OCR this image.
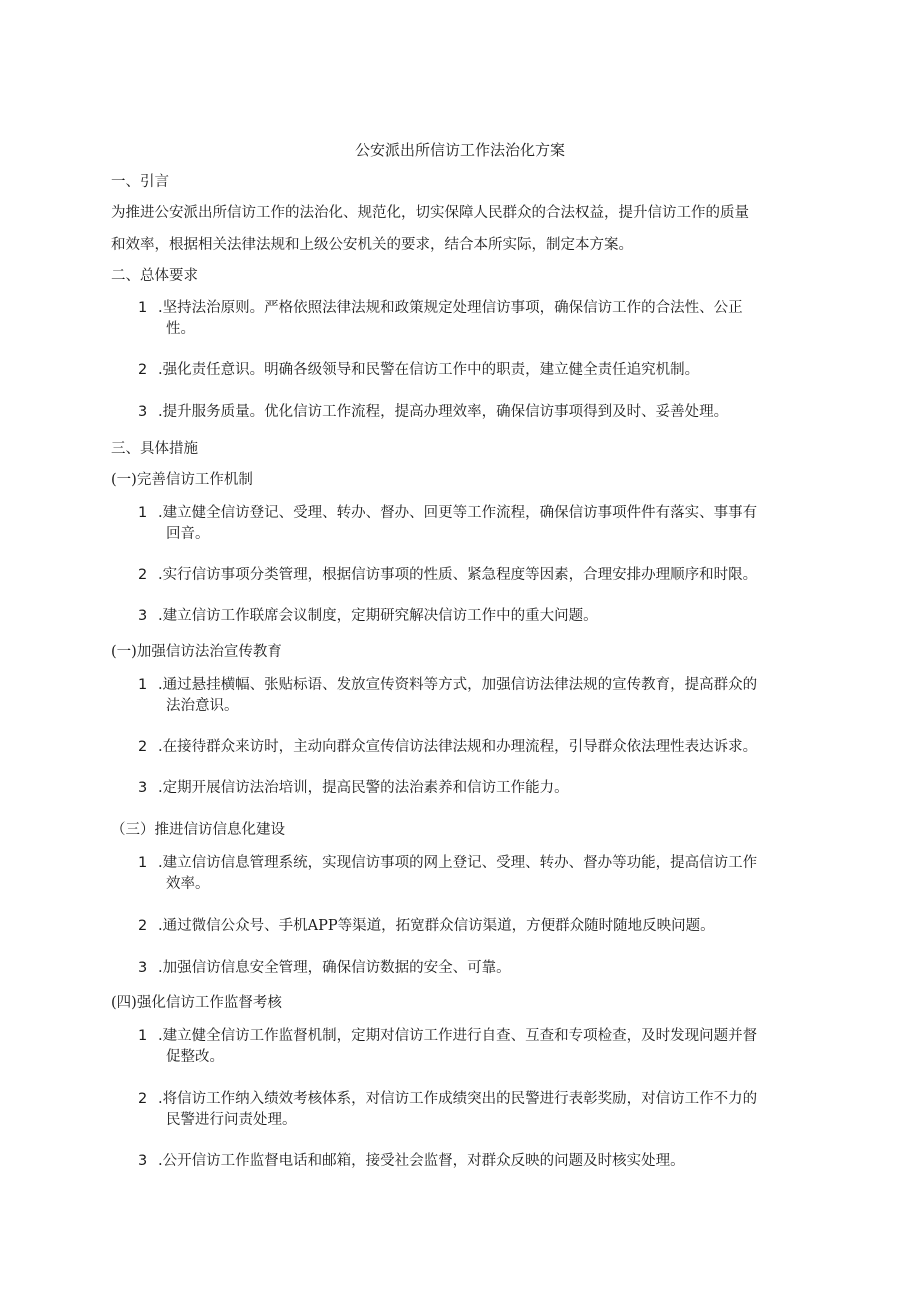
公安派出所信访工作法治化方案
一、引言
为推进公安派出所信访工作的法治化、规范化，切实保障人民群众的合法权益，提升信访工作的质量
和效率，根据相关法律法规和上级公安机关的要求，结合本所实际，制定本方案。
二、总体要求
1 .坚持法治原则。严格依照法律法规和政策规定处理信访事项，确保信访工作的合法性、公正
性。
2 .强化责任意识。明确各级领导和民警在信访工作中的职责，建立健全责任追究机制。
3 .提升服务质量。优化信访工作流程，提高办理效率，确保信访事项得到及时、妥善处理。
三、具体措施
(一)完善信访工作机制
1 .建立健全信访登记、受理、转办、督办、回更等工作流程，确保信访事项件件有落实、事事有
回音。
2 .实行信访事项分类管理，根据信访事项的性质、紧急程度等因素，合理安排办理顺序和时限。
3 .建立信访工作联席会议制度，定期研究解决信访工作中的重大问题。
(一)加强信访法治宣传教育
1 .通过悬挂横幅、张贴标语、发放宣传资料等方式，加强信访法律法规的宣传教育，提高群众的
法治意识。
2 .在接待群众来访时，主动向群众宣传信访法律法规和办理流程，引导群众依法理性表达诉求。
3 .定期开展信访法治培训，提高民警的法治素养和信访工作能力。
（三）推进信访信息化建设
1 .建立信访信息管理系统，实现信访事项的网上登记、受理、转办、督办等功能，提高信访工作
效率。
2 .通过微信公众号、手机APP等渠道，拓宽群众信访渠道，方便群众随时随地反映问题。
3 .加强信访信息安全管理，确保信访数据的安全、可靠。
(四)强化信访工作监督考核
1 .建立健全信访工作监督机制，定期对信访工作进行自查、互查和专项检查，及时发现问题并督
促整改。
2 .将信访工作纳入绩效考核体系，对信访工作成绩突出的民警进行表彰奖励，对信访工作不力的
民警进行问责处理。
3 .公开信访工作监督电话和邮箱，接受社会监督，对群众反映的问题及时核实处理。
